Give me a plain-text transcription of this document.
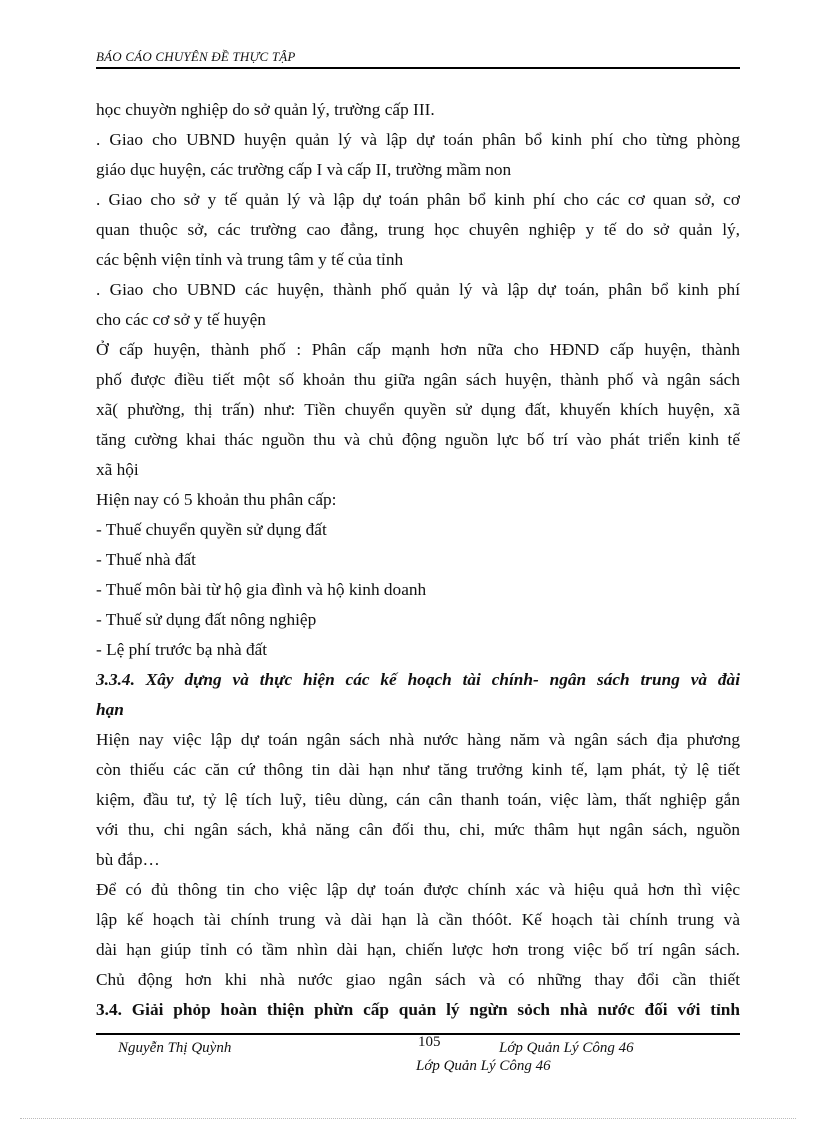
BÁO CÁO CHUYÊN ĐỀ THỰC TẬP
học chuyờn nghiệp do sở quản lý, trường cấp III.
. Giao cho UBND huyện quản lý và lập dự toán phân bổ kinh phí cho từng phòng
giáo dục huyện, các trường cấp I và cấp II, trường mầm non
. Giao cho sở y tế quản lý và lập dự toán phân bổ kinh phí cho các cơ quan sở, cơ
quan thuộc sở, các trường cao đẳng, trung học chuyên nghiệp y tế do sở quản lý,
các bệnh viện tỉnh và trung tâm y tế của tỉnh
. Giao cho UBND các huyện, thành phố quản lý và lập dự toán, phân bổ kinh phí
cho các cơ sở y tế huyện
Ở cấp huyện, thành phố : Phân cấp mạnh hơn nữa cho HĐND cấp huyện, thành
phố được điều tiết một số khoản thu giữa ngân sách huyện, thành phố và ngân sách
xã( phường, thị trấn) như: Tiền chuyển quyền sử dụng đất, khuyến khích huyện, xã
tăng cường khai thác nguồn thu và chủ động nguồn lực bố trí vào phát triển kinh tế
xã hội
Hiện nay có 5 khoản thu phân cấp:
- Thuế chuyển quyền sử dụng đất
- Thuế nhà đất
- Thuế môn bài từ hộ gia đình và hộ kinh doanh
- Thuế sử dụng đất nông nghiệp
- Lệ phí trước bạ nhà đất
3.3.4. Xây dựng và thực hiện các kế hoạch tài chính- ngân sách trung và đài
hạn
Hiện nay việc lập dự toán ngân sách nhà nước hàng năm và ngân sách địa phương
còn thiếu các căn cứ thông tin dài hạn như tăng trưởng kinh tế, lạm phát, tỷ lệ tiết
kiệm, đầu tư, tỷ lệ tích luỹ, tiêu dùng, cán cân thanh toán, việc làm, thất nghiệp gắn
với thu, chi ngân sách, khả năng cân đối thu, chi, mức thâm hụt ngân sách, nguồn
bù đắp…
Để có đủ thông tin cho việc lập dự toán được chính xác và hiệu quả hơn thì việc
lập kế hoạch tài chính trung và dài hạn là cần thóôt. Kế hoạch tài chính trung và
dài hạn giúp tỉnh có tầm nhìn dài hạn, chiến lược hơn trong việc bố trí ngân sách.
Chủ động hơn khi nhà nước giao ngân sách và có những thay đổi cần thiết
3.4. Giải phỏp hoàn thiện phừn cấp quản lý ngừn sỏch nhà nước đối với tỉnh
Nguyễn Thị Quỳnh	105	Lớp Quản Lý Công 46
Lớp Quản Lý Công 46
